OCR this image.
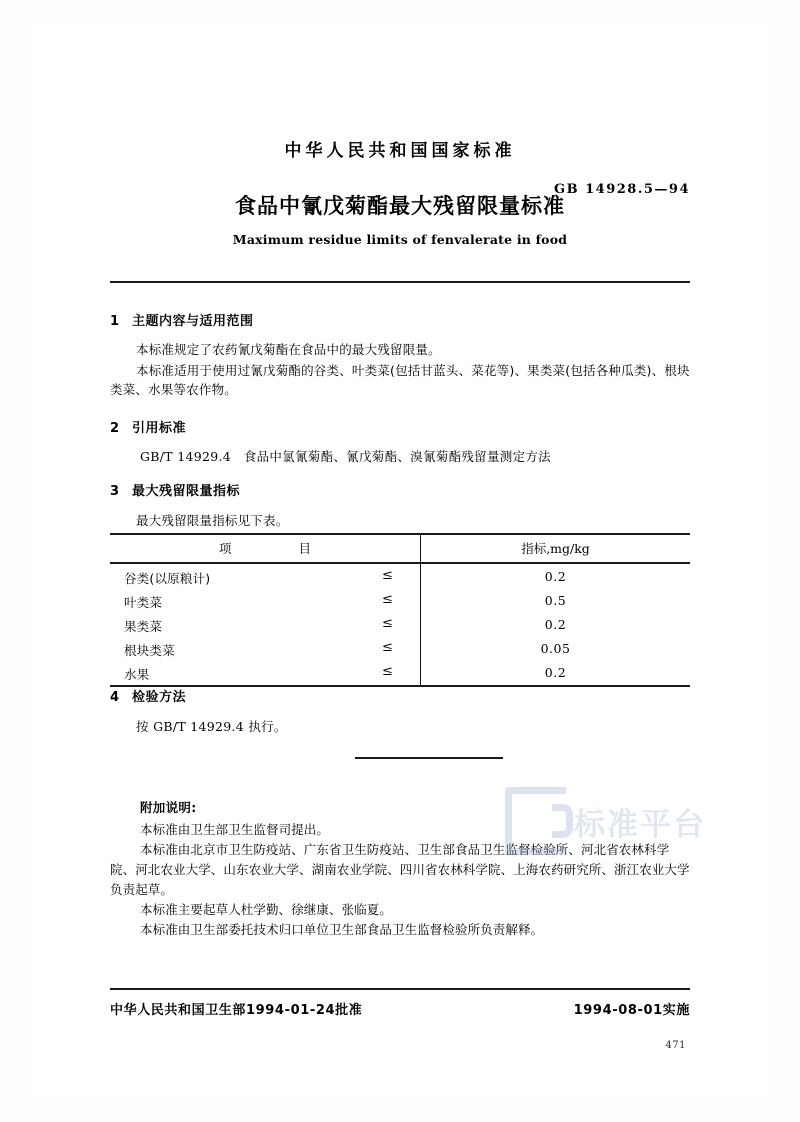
中华人民共和国国家标准
食品中氰戊菊酯最大残留限量标准
GB 14928.5—94
Maximum residue limits of fenvalerate in food
1 主题内容与适用范围
本标准规定了农药氰戊菊酯在食品中的最大残留限量。
本标准适用于使用过氰戊菊酯的谷类、叶类菜(包括甘蓝头、菜花等)、果类菜(包括各种瓜类)、根块类菜、水果等农作物。
2 引用标准
GB/T 14929.4　食品中氯氰菊酯、氰戊菊酯、溴氰菊酯残留量测定方法
3 最大残留限量指标
最大残留限量指标见下表。
项　　目	指标,mg/kg
谷类(以原粮计)	≤	0.2
叶类菜	≤	0.5
果类菜	≤	0.2
根块类菜	≤	0.05
水果	≤	0.2
4 检验方法
按 GB/T 14929.4 执行。
附加说明:
本标准由卫生部卫生监督司提出。
本标准由北京市卫生防疫站、广东省卫生防疫站、卫生部食品卫生监督检验所、河北省农林科学院、河北农业大学、山东农业大学、湖南农业学院、四川省农林科学院、上海农药研究所、浙江农业大学负责起草。
本标准主要起草人杜学勤、徐继康、张临夏。
本标准由卫生部委托技术归口单位卫生部食品卫生监督检验所负责解释。
标准平台
中华人民共和国卫生部1994-01-24批准	1994-08-01实施
471
